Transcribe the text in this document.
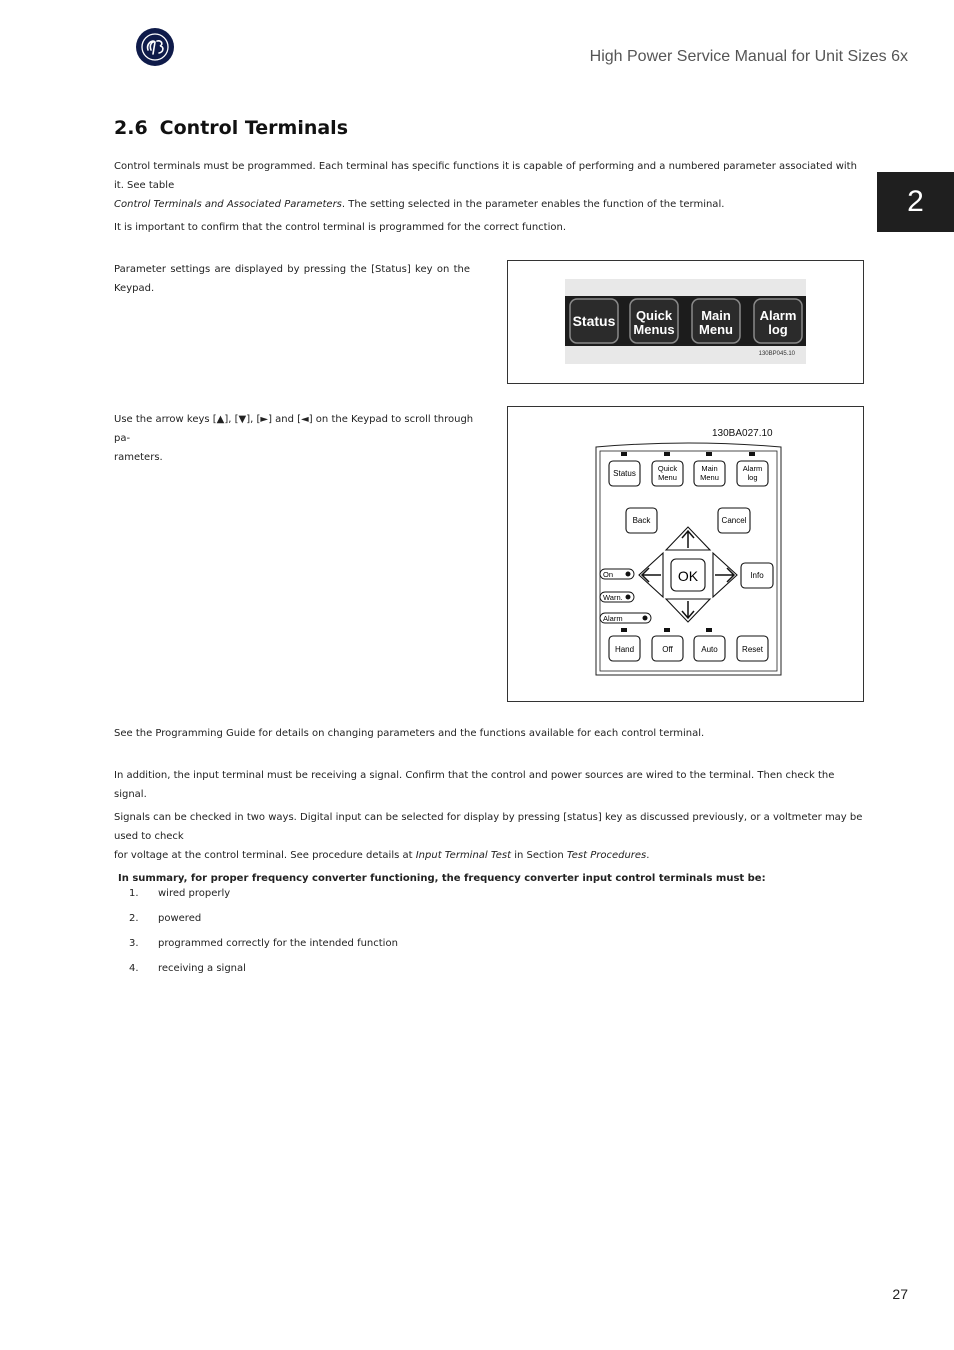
High Power Service Manual for Unit Sizes 6x
2
2.6 Control Terminals
Control terminals must be programmed. Each terminal has specific functions it is capable of performing and a numbered parameter associated with it. See table
Control Terminals and Associated Parameters. The setting selected in the parameter enables the function of the terminal.
It is important to confirm that the control terminal is programmed for the correct function.
Parameter settings are displayed by pressing the [Status] key on the Keypad.
Status Quick
Menus
Main
Menu
Alarm
log
130BP045.10
Use the arrow keys [▲], [▼], [►] and [◄] on the Keypad to scroll through pa-
rameters.
130BA027.10
Status
Quick
Menu
Main
Menu
Alarm
log
Back	Cancel
OK	Info
On
Warn.
Alarm
Hand	Off	Auto	Reset
See the Programming Guide for details on changing parameters and the functions available for each control terminal.
In addition, the input terminal must be receiving a signal. Confirm that the control and power sources are wired to the terminal. Then check the signal.
Signals can be checked in two ways. Digital input can be selected for display by pressing [status] key as discussed previously, or a voltmeter may be used to check
for voltage at the control terminal. See procedure details at Input Terminal Test in Section Test Procedures.
In summary, for proper frequency converter functioning, the frequency converter input control terminals must be:
1. wired properly
2. powered
3. programmed correctly for the intended function
4. receiving a signal
27
